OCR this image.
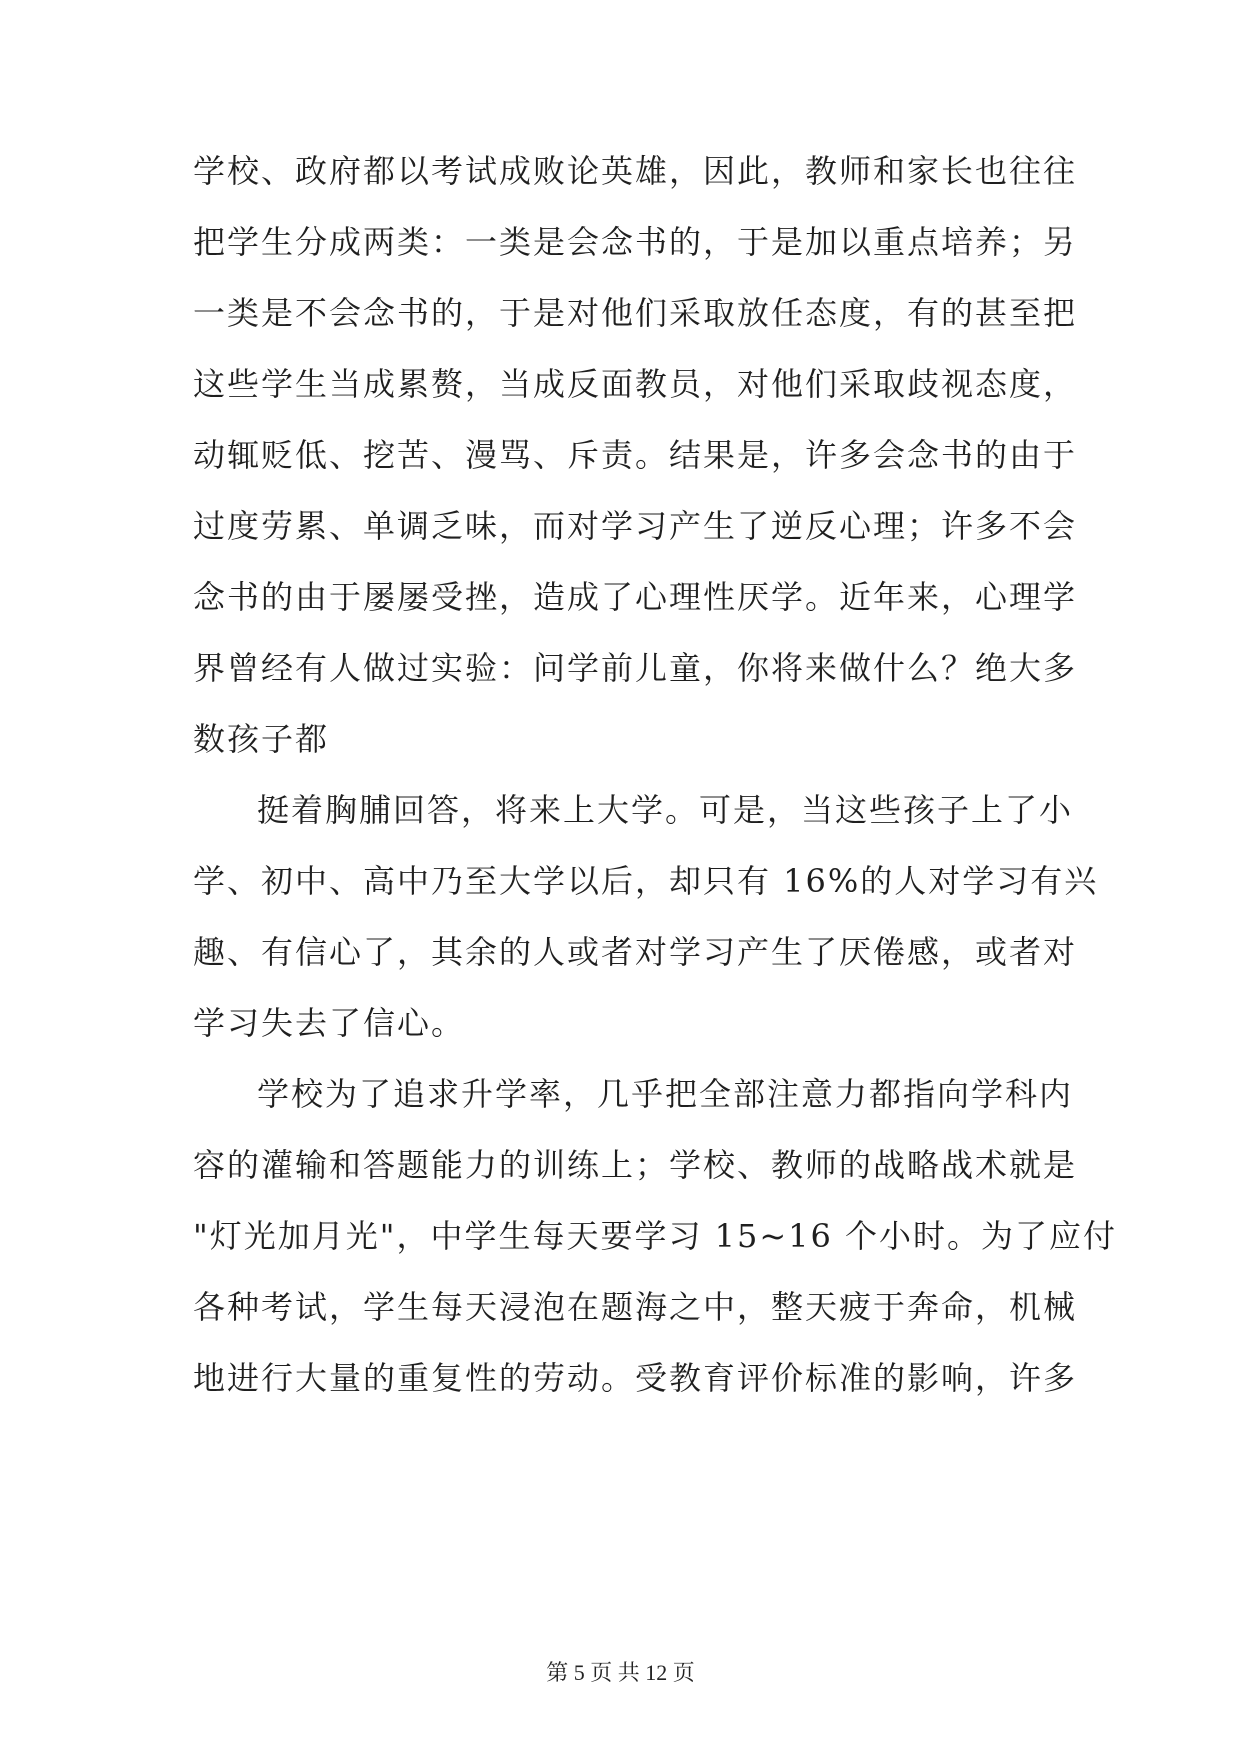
学校、政府都以考试成败论英雄，因此，教师和家长也往往
把学生分成两类：一类是会念书的，于是加以重点培养；另
一类是不会念书的，于是对他们采取放任态度，有的甚至把
这些学生当成累赘，当成反面教员，对他们采取歧视态度，
动辄贬低、挖苦、漫骂、斥责。结果是，许多会念书的由于
过度劳累、单调乏味，而对学习产生了逆反心理；许多不会
念书的由于屡屡受挫，造成了心理性厌学。近年来，心理学
界曾经有人做过实验：问学前儿童，你将来做什么？绝大多
数孩子都
挺着胸脯回答，将来上大学。可是，当这些孩子上了小
学、初中、高中乃至大学以后，却只有 16%的人对学习有兴
趣、有信心了，其余的人或者对学习产生了厌倦感，或者对
学习失去了信心。
学校为了追求升学率，几乎把全部注意力都指向学科内
容的灌输和答题能力的训练上；学校、教师的战略战术就是
"灯光加月光"，中学生每天要学习 15~16 个小时。为了应付
各种考试，学生每天浸泡在题海之中，整天疲于奔命，机械
地进行大量的重复性的劳动。受教育评价标准的影响，许多
第 5 页 共 12 页
